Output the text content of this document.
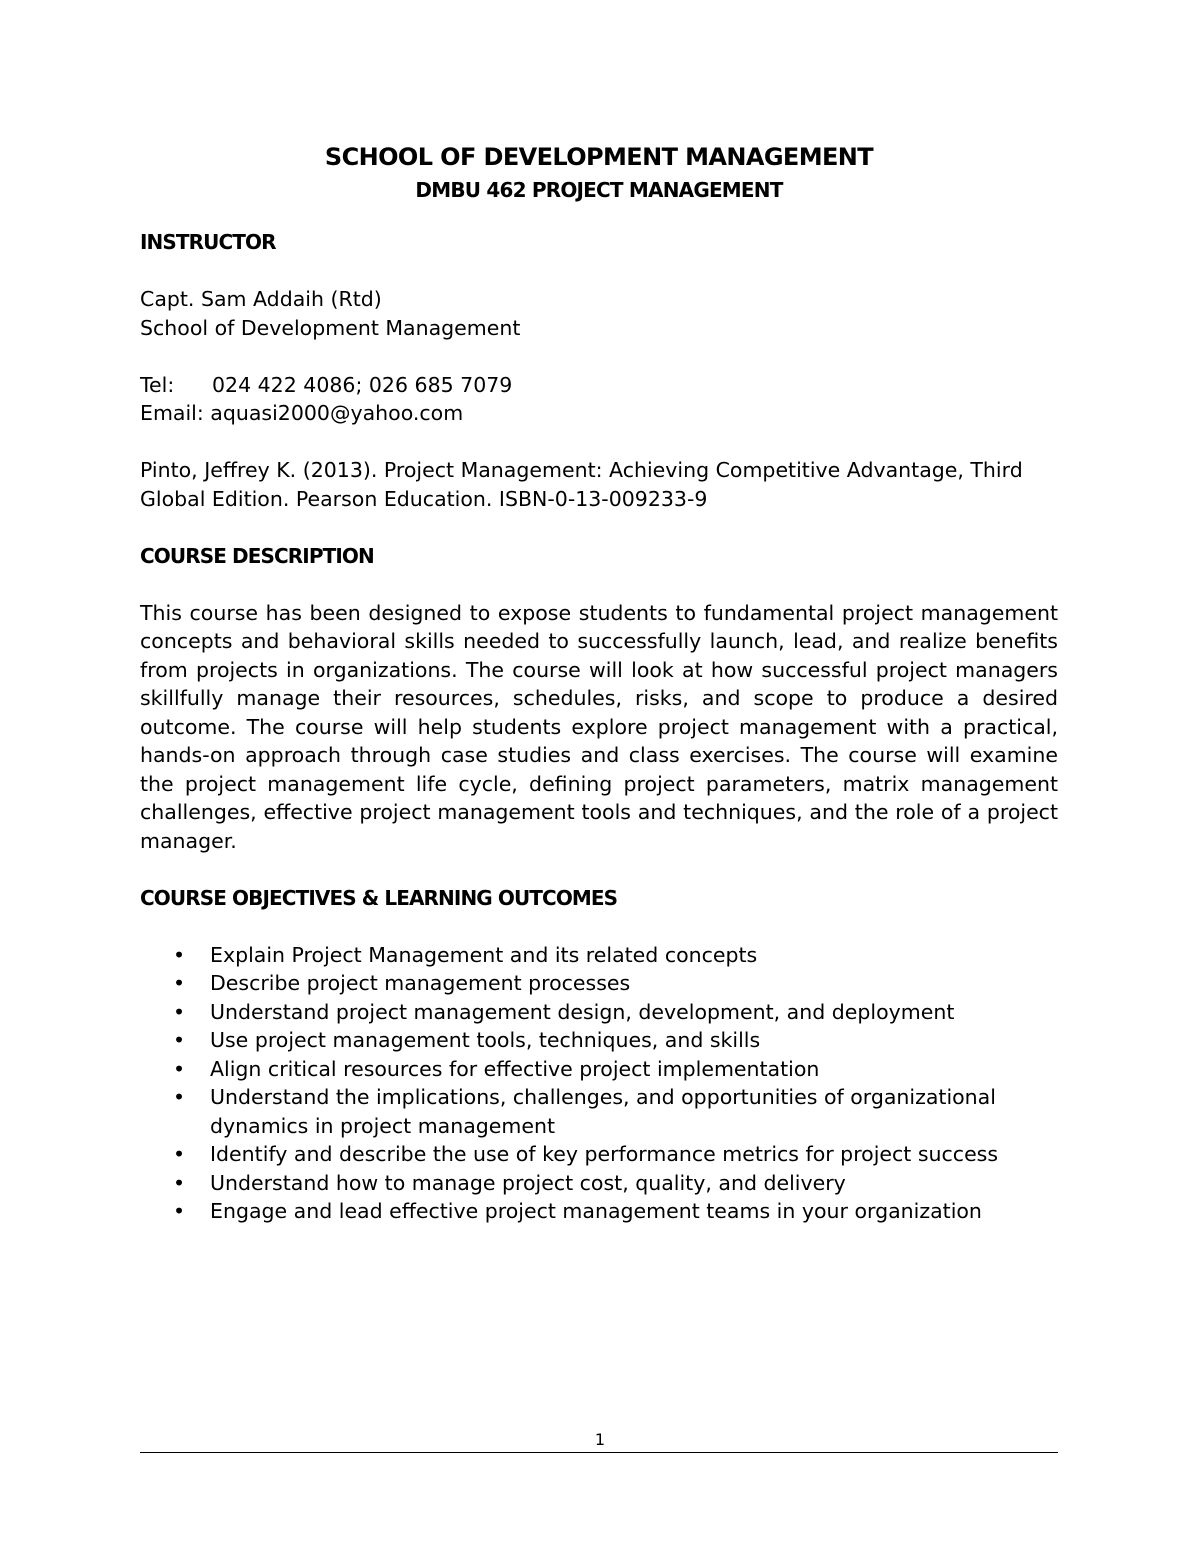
SCHOOL OF DEVELOPMENT MANAGEMENT

DMBU 462 PROJECT MANAGEMENT

INSTRUCTOR

Capt. Sam Addaih (Rtd)

School of Development Management

Tel: 024 422 4086; 026 685 7079

Email: aquasi2000@yahoo.com

Pinto, Jeffrey K. (2013). Project Management: Achieving Competitive Advantage, Third Global Edition. Pearson Education. ISBN-0-13-009233-9

COURSE DESCRIPTION

This course has been designed to expose students to fundamental project management concepts and behavioral skills needed to successfully launch, lead, and realize benefits from projects in organizations. The course will look at how successful project managers skillfully manage their resources, schedules, risks, and scope to produce a desired outcome. The course will help students explore project management with a practical, hands-on approach through case studies and class exercises. The course will examine the project management life cycle, defining project parameters, matrix management challenges, effective project management tools and techniques, and the role of a project manager.

COURSE OBJECTIVES & LEARNING OUTCOMES

• Explain Project Management and its related concepts
• Describe project management processes
• Understand project management design, development, and deployment
• Use project management tools, techniques, and skills
• Align critical resources for effective project implementation
• Understand the implications, challenges, and opportunities of organizational dynamics in project management
• Identify and describe the use of key performance metrics for project success
• Understand how to manage project cost, quality, and delivery
• Engage and lead effective project management teams in your organization
1
